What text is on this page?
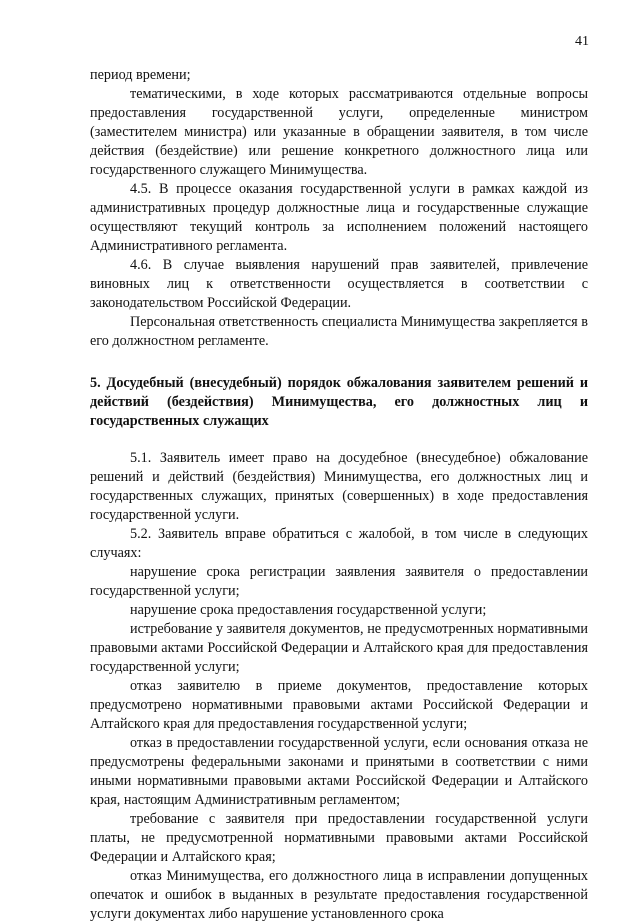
41

период времени;

тематическими, в ходе которых рассматриваются отдельные вопросы предоставления государственной услуги, определенные министром (заместителем министра) или указанные в обращении заявителя, в том числе действия (бездействие) или решение конкретного должностного лица или государственного служащего Минимущества.

4.5. В процессе оказания государственной услуги в рамках каждой из административных процедур должностные лица и государственные служащие осуществляют текущий контроль за исполнением положений настоящего Административного регламента.

4.6. В случае выявления нарушений прав заявителей, привлечение виновных лиц к ответственности осуществляется в соответствии с законодательством Российской Федерации.

Персональная ответственность специалиста Минимущества закрепляется в его должностном регламенте.

5. Досудебный (внесудебный) порядок обжалования заявителем решений и действий (бездействия) Минимущества, его должностных лиц и государственных служащих

5.1. Заявитель имеет право на досудебное (внесудебное) обжалование решений и действий (бездействия) Минимущества, его должностных лиц и государственных служащих, принятых (совершенных) в ходе предоставления государственной услуги.

5.2. Заявитель вправе обратиться с жалобой, в том числе в следующих случаях:

нарушение срока регистрации заявления заявителя о предоставлении государственной услуги;

нарушение срока предоставления государственной услуги;

истребование у заявителя документов, не предусмотренных нормативными правовыми актами Российской Федерации и Алтайского края для предоставления государственной услуги;

отказ заявителю в приеме документов, предоставление которых предусмотрено нормативными правовыми актами Российской Федерации и Алтайского края для предоставления государственной услуги;

отказ в предоставлении государственной услуги, если основания отказа не предусмотрены федеральными законами и принятыми в соответствии с ними иными нормативными правовыми актами Российской Федерации и Алтайского края, настоящим Административным регламентом;

требование с заявителя при предоставлении государственной услуги платы, не предусмотренной нормативными правовыми актами Российской Федерации и Алтайского края;

отказ Минимущества, его должностного лица в исправлении допущенных опечаток и ошибок в выданных в результате предоставления государственной услуги документах либо нарушение установленного срока
